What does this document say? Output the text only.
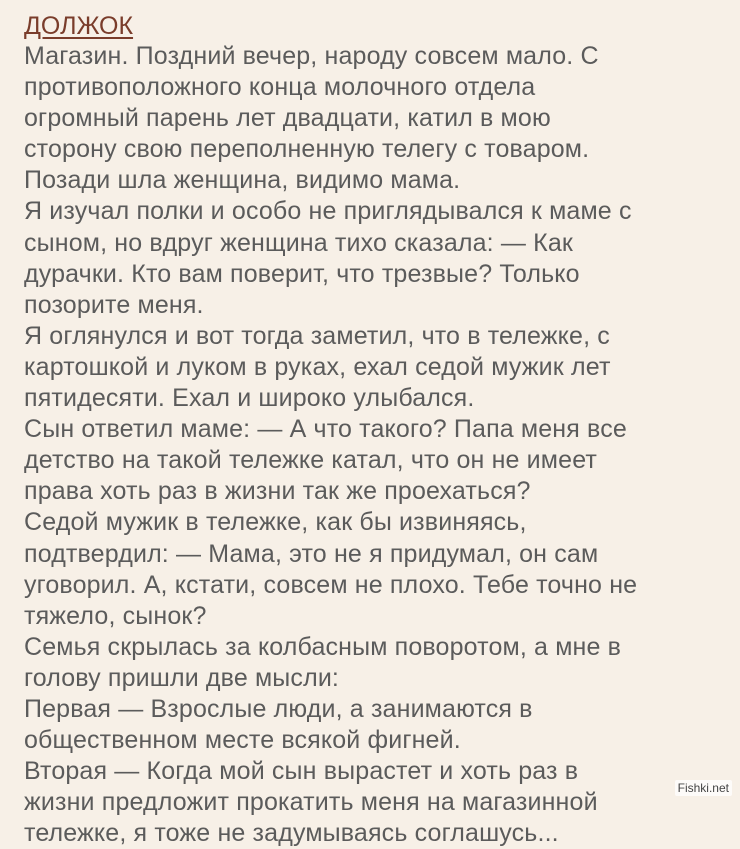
ДОЛЖОК
Магазин. Поздний вечер, народу совсем мало. С
противоположного конца молочного отдела
огромный парень лет двадцати, катил в мою
сторону свою переполненную телегу с товаром.
Позади шла женщина, видимо мама.
Я изучал полки и особо не приглядывался к маме с
сыном, но вдруг женщина тихо сказала: — Как
дурачки. Кто вам поверит, что трезвые? Только
позорите меня.
Я оглянулся и вот тогда заметил, что в тележке, с
картошкой и луком в руках, ехал седой мужик лет
пятидесяти. Ехал и широко улыбался.
Сын ответил маме: — А что такого? Папа меня все
детство на такой тележке катал, что он не имеет
права хоть раз в жизни так же проехаться?
Седой мужик в тележке, как бы извиняясь,
подтвердил: — Мама, это не я придумал, он сам
уговорил. А, кстати, совсем не плохо. Тебе точно не
тяжело, сынок?
Семья скрылась за колбасным поворотом, а мне в
голову пришли две мысли:
Первая — Взрослые люди, а занимаются в
общественном месте всякой фигней.
Вторая — Когда мой сын вырастет и хоть раз в
жизни предложит прокатить меня на магазинной
тележке, я тоже не задумываясь соглашусь...
Fishki.net
